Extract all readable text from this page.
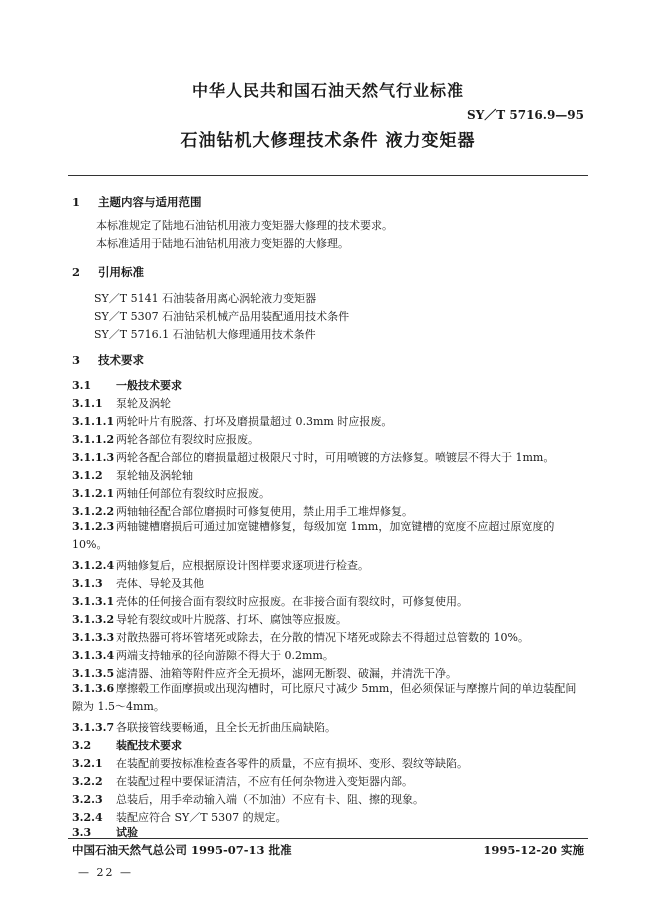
中华人民共和国石油天然气行业标准
SY／T 5716.9—95
石油钻机大修理技术条件 液力变矩器
1 主题内容与适用范围
本标准规定了陆地石油钻机用液力变矩器大修理的技术要求。
本标准适用于陆地石油钻机用液力变矩器的大修理。
2 引用标准
SY／T 5141 石油装备用离心涡轮液力变矩器
SY／T 5307 石油钻采机械产品用装配通用技术条件
SY／T 5716.1 石油钻机大修理通用技术条件
3 技术要求
3.1 一般技术要求
3.1.1 泵轮及涡轮
3.1.1.1 两轮叶片有脱落、打坏及磨损量超过 0.3mm 时应报废。
3.1.1.2 两轮各部位有裂纹时应报废。
3.1.1.3 两轮各配合部位的磨损量超过极限尺寸时，可用喷镀的方法修复。喷镀层不得大于 1mm。
3.1.2 泵轮轴及涡轮轴
3.1.2.1 两轴任何部位有裂纹时应报废。
3.1.2.2 两轴轴径配合部位磨损时可修复使用，禁止用手工堆焊修复。
3.1.2.3 两轴键槽磨损后可通过加宽键槽修复，每级加宽 1mm，加宽键槽的宽度不应超过原宽度的 10%。
3.1.2.4 两轴修复后，应根据原设计图样要求逐项进行检查。
3.1.3 壳体、导轮及其他
3.1.3.1 壳体的任何接合面有裂纹时应报废。在非接合面有裂纹时，可修复使用。
3.1.3.2 导轮有裂纹或叶片脱落、打坏、腐蚀等应报废。
3.1.3.3 对散热器可将坏管堵死或除去，在分散的情况下堵死或除去不得超过总管数的 10%。
3.1.3.4 两端支持轴承的径向游隙不得大于 0.2mm。
3.1.3.5 滤清器、油箱等附件应齐全无损坏，滤网无断裂、破漏，并清洗干净。
3.1.3.6 摩擦毂工作面摩损或出现沟槽时，可比原尺寸减少 5mm，但必须保证与摩擦片间的单边装配间隙为 1.5～4mm。
3.1.3.7 各联接管线要畅通，且全长无折曲压扁缺陷。
3.2 装配技术要求
3.2.1 在装配前要按标准检查各零件的质量，不应有损坏、变形、裂纹等缺陷。
3.2.2 在装配过程中要保证清洁，不应有任何杂物进入变矩器内部。
3.2.3 总装后，用手牵动输入端（不加油）不应有卡、阻、擦的现象。
3.2.4 装配应符合 SY／T 5307 的规定。
3.3 试验
中国石油天然气总公司 1995-07-13 批准	1995-12-20 实施
— 22 —
